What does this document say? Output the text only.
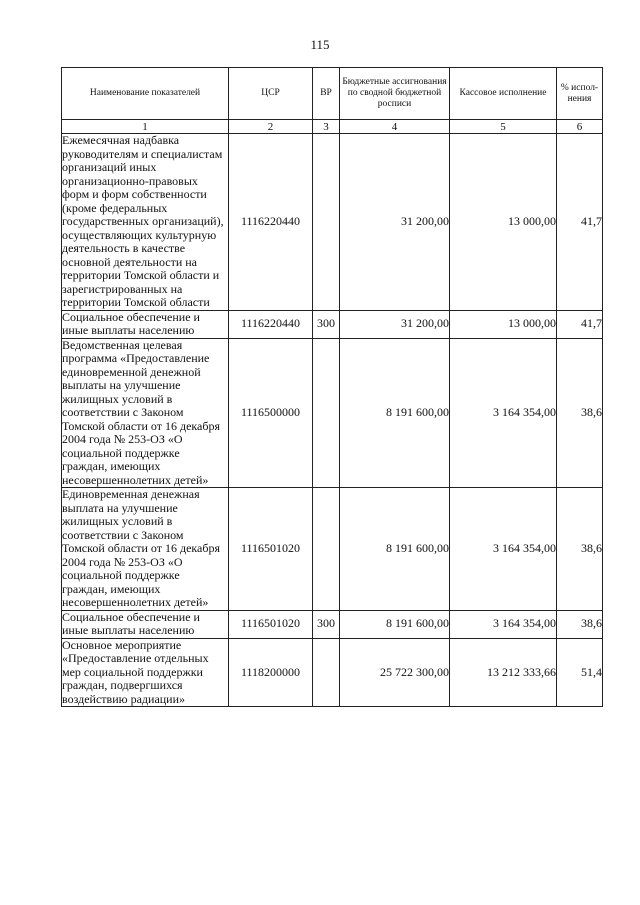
115
Наименование показателей	ЦСР	ВР	Бюджетные ассигнования по сводной бюджетной росписи	Кассовое исполнение	% испол-нения
1	2	3	4	5	6
Ежемесячная надбавка руководителям и специалистам организаций иных организационно-правовых форм и форм собственности (кроме федеральных государственных организаций), осуществляющих культурную деятельность в качестве основной деятельности на территории Томской области и зарегистрированных на территории Томской области	1116220440		31 200,00	13 000,00	41,7
Социальное обеспечение и иные выплаты населению	1116220440	300	31 200,00	13 000,00	41,7
Ведомственная целевая программа «Предоставление единовременной денежной выплаты на улучшение жилищных условий в соответствии с Законом Томской области от 16 декабря 2004 года № 253-ОЗ «О социальной поддержке граждан, имеющих несовершеннолетних детей»	1116500000		8 191 600,00	3 164 354,00	38,6
Единовременная денежная выплата на улучшение жилищных условий в соответствии с Законом Томской области от 16 декабря 2004 года № 253-ОЗ «О социальной поддержке граждан, имеющих несовершеннолетних детей»	1116501020		8 191 600,00	3 164 354,00	38,6
Социальное обеспечение и иные выплаты населению	1116501020	300	8 191 600,00	3 164 354,00	38,6
Основное мероприятие «Предоставление отдельных мер социальной поддержки граждан, подвергшихся воздействию радиации»	1118200000		25 722 300,00	13 212 333,66	51,4
